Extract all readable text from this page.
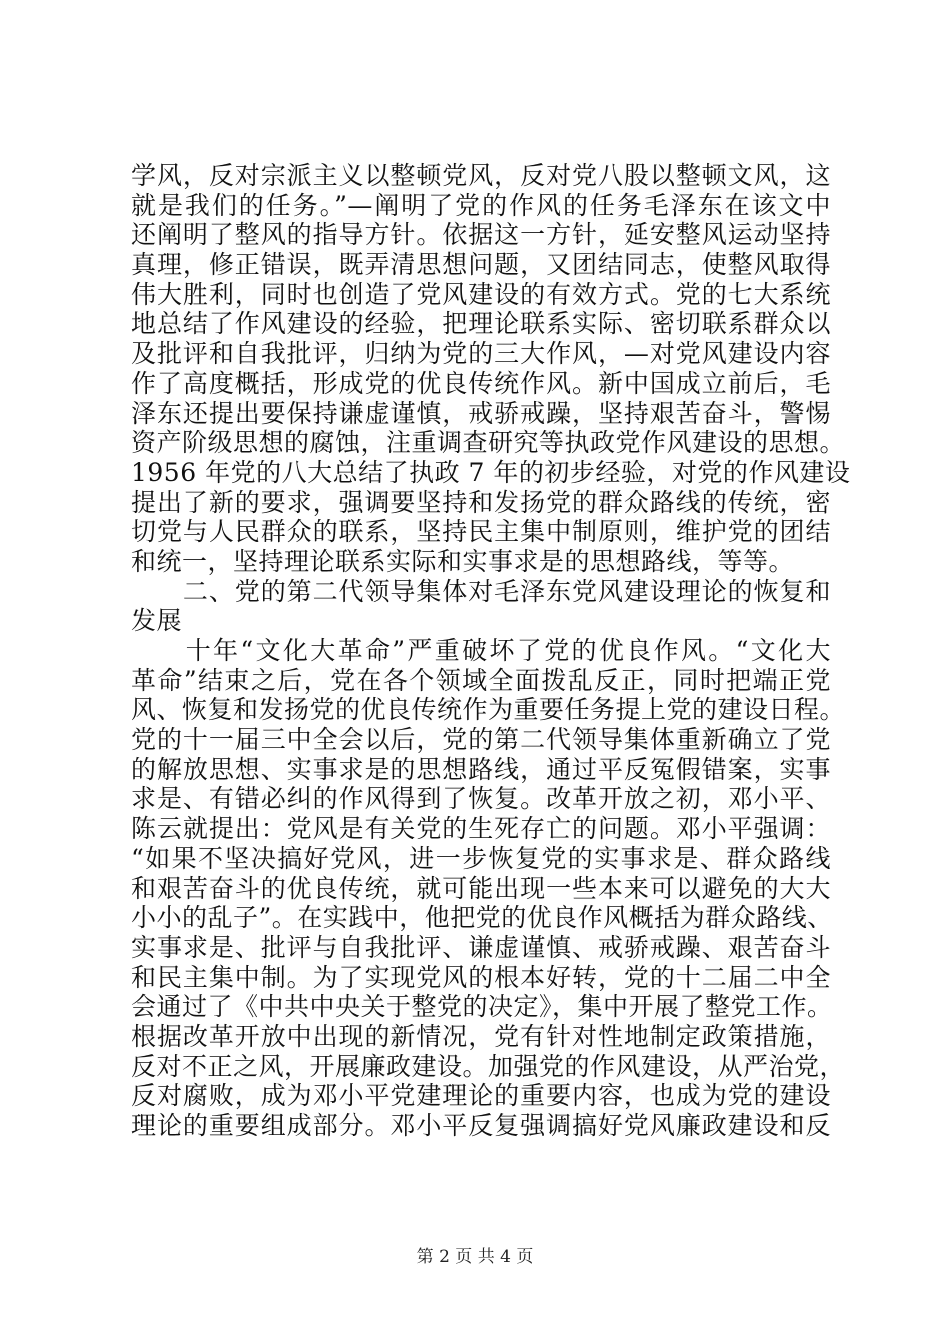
学风，反对宗派主义以整顿党风，反对党八股以整顿文风，这
就是我们的任务。”—阐明了党的作风的任务毛泽东在该文中
还阐明了整风的指导方针。依据这一方针，延安整风运动坚持
真理，修正错误，既弄清思想问题，又团结同志，使整风取得
伟大胜利，同时也创造了党风建设的有效方式。党的七大系统
地总结了作风建设的经验，把理论联系实际、密切联系群众以
及批评和自我批评，归纳为党的三大作风，—对党风建设内容
作了高度概括，形成党的优良传统作风。新中国成立前后，毛
泽东还提出要保持谦虚谨慎，戒骄戒躁，坚持艰苦奋斗，警惕
资产阶级思想的腐蚀，注重调查研究等执政党作风建设的思想。
1956 年党的八大总结了执政 7 年的初步经验，对党的作风建设
提出了新的要求，强调要坚持和发扬党的群众路线的传统，密
切党与人民群众的联系，坚持民主集中制原则，维护党的团结
和统一，坚持理论联系实际和实事求是的思想路线，等等。
　　二、党的第二代领导集体对毛泽东党风建设理论的恢复和
发展
　　十年“文化大革命”严重破坏了党的优良作风。“文化大
革命”结束之后，党在各个领域全面拨乱反正，同时把端正党
风、恢复和发扬党的优良传统作为重要任务提上党的建设日程。
党的十一届三中全会以后，党的第二代领导集体重新确立了党
的解放思想、实事求是的思想路线，通过平反冤假错案，实事
求是、有错必纠的作风得到了恢复。改革开放之初，邓小平、
陈云就提出：党风是有关党的生死存亡的问题。邓小平强调：
“如果不坚决搞好党风，进一步恢复党的实事求是、群众路线
和艰苦奋斗的优良传统，就可能出现一些本来可以避免的大大
小小的乱子”。在实践中，他把党的优良作风概括为群众路线、
实事求是、批评与自我批评、谦虚谨慎、戒骄戒躁、艰苦奋斗
和民主集中制。为了实现党风的根本好转，党的十二届二中全
会通过了《中共中央关于整党的决定》，集中开展了整党工作。
根据改革开放中出现的新情况，党有针对性地制定政策措施，
反对不正之风，开展廉政建设。加强党的作风建设，从严治党，
反对腐败，成为邓小平党建理论的重要内容，也成为党的建设
理论的重要组成部分。邓小平反复强调搞好党风廉政建设和反
第 2 页 共 4 页
